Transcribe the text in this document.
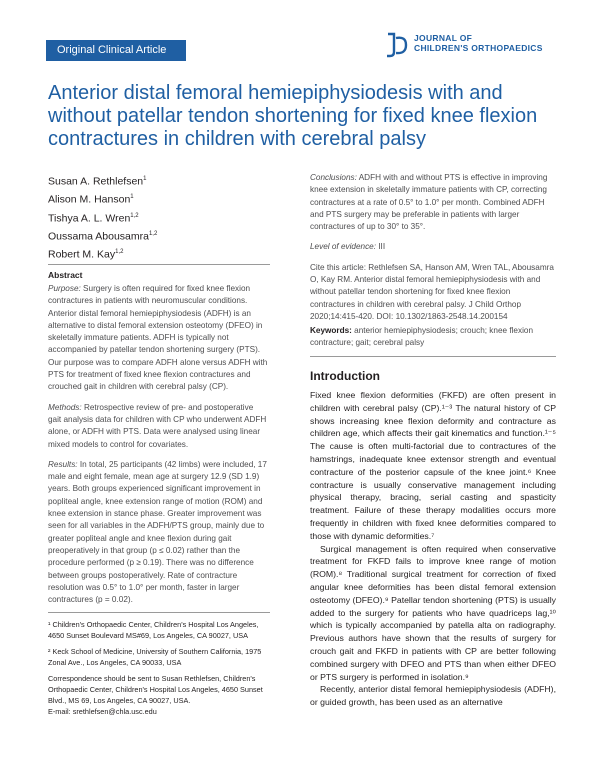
Original Clinical Article
JOURNAL OF
CHILDREN'S ORTHOPAEDICS
Anterior distal femoral hemiepiphysiodesis with and without patellar tendon shortening for fixed knee flexion contractures in children with cerebral palsy
Susan A. Rethlefsen$^1$
Alison M. Hanson$^1$
Tishya A. L. Wren$^{1,2}$
Oussama Abousamra$^{1,2}$
Robert M. Kay$^{1,2}$
Abstract

Purpose: Surgery is often required for fixed knee flexion contractures in patients with neuromuscular conditions. Anterior distal femoral hemiepiphysiodesis (ADFH) is an alternative to distal femoral extension osteotomy (DFEO) in skeletally immature patients. ADFH is typically not accompanied by patellar tendon shortening surgery (PTS). Our purpose was to compare ADFH alone versus ADFH with PTS for treatment of fixed knee flexion contractures and crouched gait in children with cerebral palsy (CP).

Methods: Retrospective review of pre- and postoperative gait analysis data for children with CP who underwent ADFH alone, or ADFH with PTS. Data were analysed using linear mixed models to control for covariates.

Results: In total, 25 participants (42 limbs) were included, 17 male and eight female, mean age at surgery 12.9 (SD 1.9) years. Both groups experienced significant improvement in popliteal angle, knee extension range of motion (ROM) and knee extension in stance phase. Greater improvement was seen for all variables in the ADFH/PTS group, mainly due to greater popliteal angle and knee flexion during gait preoperatively in that group (p ≤ 0.02) rather than the procedure performed (p ≥ 0.19). There was no difference between groups postoperatively. Rate of contracture resolution was 0.5° to 1.0° per month, faster in larger contractures (p = 0.02).

¹ Children's Orthopaedic Center, Children's Hospital Los Angeles, 4650 Sunset Boulevard MS#69, Los Angeles, CA 90027, USA

² Keck School of Medicine, University of Southern California, 1975 Zonal Ave., Los Angeles, CA 90033, USA

Correspondence should be sent to Susan Rethlefsen, Children's Orthopaedic Center, Children's Hospital Los Angeles, 4650 Sunset Blvd., MS 69, Los Angeles, CA 90027, USA.
E-mail: srethlefsen@chla.usc.edu

Conclusions: ADFH with and without PTS is effective in improving knee extension in skeletally immature patients with CP, correcting contractures at a rate of 0.5° to 1.0° per month. Combined ADFH and PTS surgery may be preferable in patients with larger contractures of up to 30° to 35°.

Level of evidence: III

Cite this article: Rethlefsen SA, Hanson AM, Wren TAL, Abousamra O, Kay RM. Anterior distal femoral hemiepiphysiodesis with and without patellar tendon shortening for fixed knee flexion contractures in children with cerebral palsy. J Child Orthop 2020;14:415-420. DOI: 10.1302/1863-2548.14.200154

Keywords: anterior hemiepiphysiodesis; crouch; knee flexion contracture; gait; cerebral palsy
Introduction

Fixed knee flexion deformities (FKFD) are often present in children with cerebral palsy (CP).¹⁻³ The natural history of CP shows increasing knee flexion deformity and contracture as children age, which affects their gait kinematics and function.¹⁻⁵ The cause is often multi-factorial due to contractures of the hamstrings, inadequate knee extensor strength and eventual contracture of the posterior capsule of the knee joint.⁶ Knee contracture is usually conservative management including physical therapy, bracing, serial casting and spasticity treatment. Failure of these therapy modalities occurs more frequently in children with fixed knee deformities compared to those with dynamic deformities.⁷

Surgical management is often required when conservative treatment for FKFD fails to improve knee range of motion (ROM).⁸ Traditional surgical treatment for correction of fixed angular knee deformities has been distal femoral extension osteotomy (DFEO).⁹ Patellar tendon shortening (PTS) is usually added to the surgery for patients who have quadriceps lag,¹⁰ which is typically accompanied by patella alta on radiography. Previous authors have shown that the results of surgery for crouch gait and FKFD in patients with CP are better following combined surgery with DFEO and PTS than when either DFEO or PTS surgery is performed in isolation.⁹

Recently, anterior distal femoral hemiepiphysiodesis (ADFH), or guided growth, has been used as an alternative
